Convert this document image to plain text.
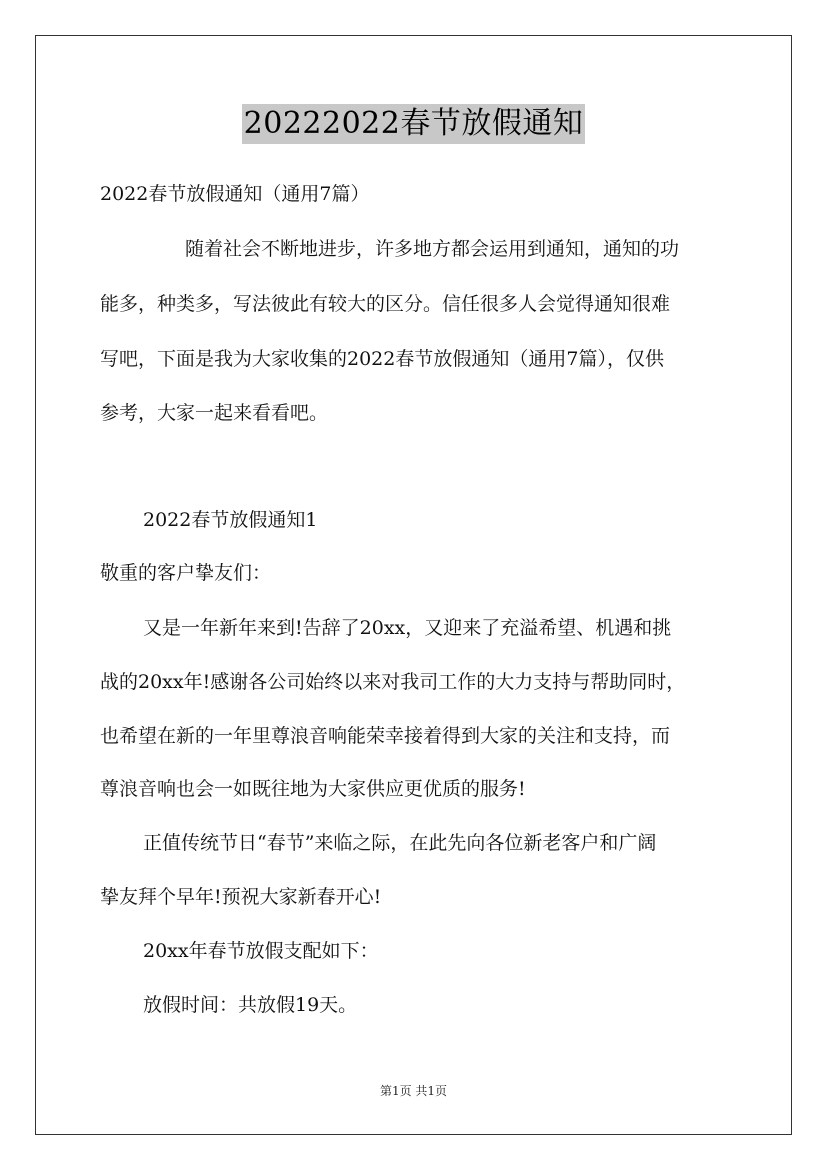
20222022春节放假通知
2022春节放假通知（通用7篇）
随着社会不断地进步，许多地方都会运用到通知，通知的功
能多，种类多，写法彼此有较大的区分。信任很多人会觉得通知很难
写吧，下面是我为大家收集的2022春节放假通知（通用7篇），仅供
参考，大家一起来看看吧。
2022春节放假通知1
敬重的客户挚友们：
又是一年新年来到!告辞了20xx，又迎来了充溢希望、机遇和挑
战的20xx年!感谢各公司始终以来对我司工作的大力支持与帮助同时，
也希望在新的一年里尊浪音响能荣幸接着得到大家的关注和支持，而
尊浪音响也会一如既往地为大家供应更优质的服务!
正值传统节日“春节”来临之际，在此先向各位新老客户和广阔
挚友拜个早年!预祝大家新春开心!
20xx年春节放假支配如下：
放假时间：共放假19天。
第1页 共1页
